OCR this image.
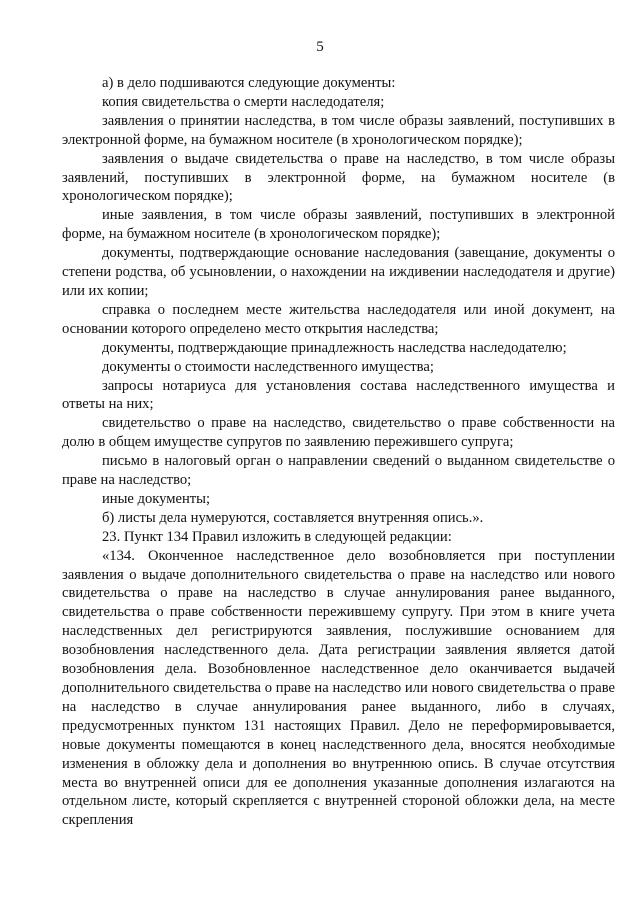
5

а) в дело подшиваются следующие документы:

копия свидетельства о смерти наследодателя;

заявления о принятии наследства, в том числе образы заявлений, поступивших в электронной форме, на бумажном носителе (в хронологическом порядке);

заявления о выдаче свидетельства о праве на наследство, в том числе образы заявлений, поступивших в электронной форме, на бумажном носителе (в хронологическом порядке);

иные заявления, в том числе образы заявлений, поступивших в электронной форме, на бумажном носителе (в хронологическом порядке);

документы, подтверждающие основание наследования (завещание, документы о степени родства, об усыновлении, о нахождении на иждивении наследодателя и другие) или их копии;

справка о последнем месте жительства наследодателя или иной документ, на основании которого определено место открытия наследства;

документы, подтверждающие принадлежность наследства наследодателю;

документы о стоимости наследственного имущества;

запросы нотариуса для установления состава наследственного имущества и ответы на них;

свидетельство о праве на наследство, свидетельство о праве собственности на долю в общем имуществе супругов по заявлению пережившего супруга;

письмо в налоговый орган о направлении сведений о выданном свидетельстве о праве на наследство;

иные документы;

б) листы дела нумеруются, составляется внутренняя опись.».

23. Пункт 134 Правил изложить в следующей редакции:

«134. Оконченное наследственное дело возобновляется при поступлении заявления о выдаче дополнительного свидетельства о праве на наследство или нового свидетельства о праве на наследство в случае аннулирования ранее выданного, свидетельства о праве собственности пережившему супругу. При этом в книге учета наследственных дел регистрируются заявления, послужившие основанием для возобновления наследственного дела. Дата регистрации заявления является датой возобновления дела. Возобновленное наследственное дело оканчивается выдачей дополнительного свидетельства о праве на наследство или нового свидетельства о праве на наследство в случае аннулирования ранее выданного, либо в случаях, предусмотренных пунктом 131 настоящих Правил. Дело не переформировывается, новые документы помещаются в конец наследственного дела, вносятся необходимые изменения в обложку дела и дополнения во внутреннюю опись. В случае отсутствия места во внутренней описи для ее дополнения указанные дополнения излагаются на отдельном листе, который скрепляется с внутренней стороной обложки дела, на месте скрепления
